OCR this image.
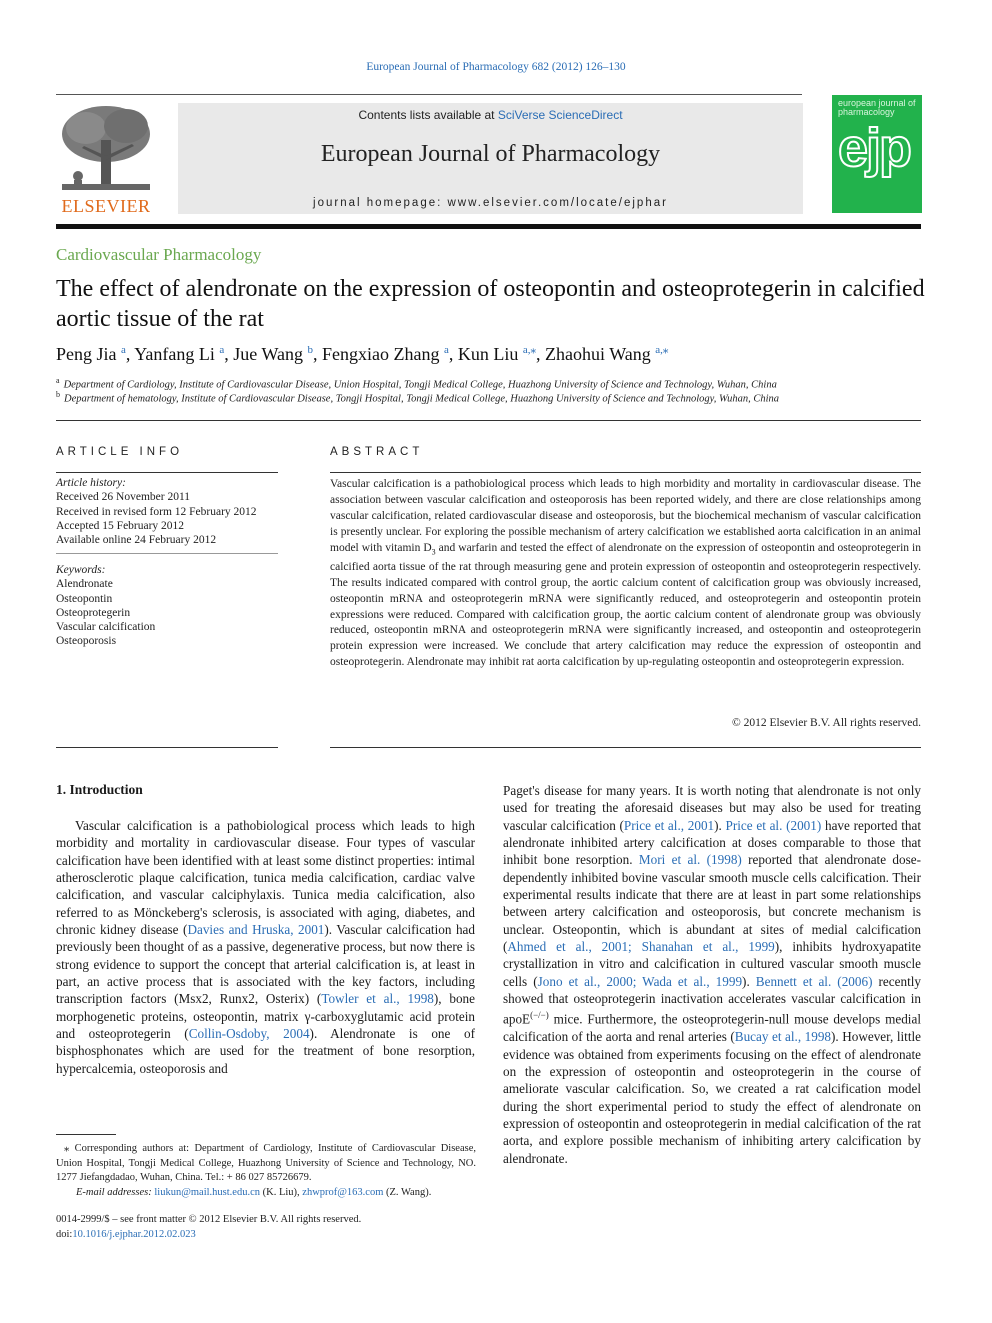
European Journal of Pharmacology 682 (2012) 126–130
ELSEVIER
Contents lists available at SciVerse ScienceDirect
European Journal of Pharmacology
journal homepage: www.elsevier.com/locate/ejphar
european journal of pharmacology
ejp
Cardiovascular Pharmacology
The effect of alendronate on the expression of osteopontin and osteoprotegerin in calcified aortic tissue of the rat
Peng Jia $^a$, Yanfang Li $^a$, Jue Wang $^b$, Fengxiao Zhang $^a$, Kun Liu $^{a,⁎}$, Zhaohui Wang $^{a,⁎}$
$^a$ Department of Cardiology, Institute of Cardiovascular Disease, Union Hospital, Tongji Medical College, Huazhong University of Science and Technology, Wuhan, China
$^b$ Department of hematology, Institute of Cardiovascular Disease, Tongji Hospital, Tongji Medical College, Huazhong University of Science and Technology, Wuhan, China
ARTICLE INFO
Article history:
Received 26 November 2011
Received in revised form 12 February 2012
Accepted 15 February 2012
Available online 24 February 2012
Keywords:
Alendronate
Osteopontin
Osteoprotegerin
Vascular calcification
Osteoporosis
ABSTRACT
Vascular calcification is a pathobiological process which leads to high morbidity and mortality in cardiovascular disease. The association between vascular calcification and osteoporosis has been reported widely, and there are close relationships among vascular calcification, related cardiovascular disease and osteoporosis, but the biochemical mechanism of vascular calcification is presently unclear. For exploring the possible mechanism of artery calcification we established aorta calcification in an animal model with vitamin $D_3$ and warfarin and tested the effect of alendronate on the expression of osteopontin and osteoprotegerin in calcified aorta tissue of the rat through measuring gene and protein expression of osteopontin and osteoprotegerin respectively. The results indicated compared with control group, the aortic calcium content of calcification group was obviously increased, osteopontin mRNA and osteoprotegerin mRNA were significantly reduced, and osteoprotegerin and osteopontin protein expressions were reduced. Compared with calcification group, the aortic calcium content of alendronate group was obviously reduced, osteopontin mRNA and osteoprotegerin mRNA were significantly increased, and osteopontin and osteoprotegerin protein expression were increased. We conclude that artery calcification may reduce the expression of osteopontin and osteoprotegerin. Alendronate may inhibit rat aorta calcification by up-regulating osteopontin and osteoprotegerin expression.
© 2012 Elsevier B.V. All rights reserved.
1. Introduction

Vascular calcification is a pathobiological process which leads to high morbidity and mortality in cardiovascular disease. Four types of vascular calcification have been identified with at least some distinct properties: intimal atherosclerotic plaque calcification, tunica media calcification, cardiac valve calcification, and vascular calciphylaxis. Tunica media calcification, also referred to as Mönckeberg's sclerosis, is associated with aging, diabetes, and chronic kidney disease (Davies and Hruska, 2001). Vascular calcification had previously been thought of as a passive, degenerative process, but now there is strong evidence to support the concept that arterial calcification is, at least in part, an active process that is associated with the key factors, including transcription factors (Msx2, Runx2, Osterix) (Towler et al., 1998), bone morphogenetic proteins, osteopontin, matrix γ-carboxyglutamic acid protein and osteoprotegerin (Collin-Osdoby, 2004). Alendronate is one of bisphosphonates which are used for the treatment of bone resorption, hypercalcemia, osteoporosis and

Paget's disease for many years. It is worth noting that alendronate is not only used for treating the aforesaid diseases but may also be used for treating vascular calcification (Price et al., 2001). Price et al. (2001) have reported that alendronate inhibited artery calcification at doses comparable to those that inhibit bone resorption. Mori et al. (1998) reported that alendronate dose-dependently inhibited bovine vascular smooth muscle cells calcification. Their experimental results indicate that there are at least in part some relationships between artery calcification and osteoporosis, but concrete mechanism is unclear. Osteopontin, which is abundant at sites of medial calcification (Ahmed et al., 2001; Shanahan et al., 1999), inhibits hydroxyapatite crystallization in vitro and calcification in cultured vascular smooth muscle cells (Jono et al., 2000; Wada et al., 1999). Bennett et al. (2006) recently showed that osteoprotegerin inactivation accelerates vascular calcification in apoE(−/−) mice. Furthermore, the osteoprotegerin-null mouse develops medial calcification of the aorta and renal arteries (Bucay et al., 1998). However, little evidence was obtained from experiments focusing on the effect of alendronate on the expression of osteopontin and osteoprotegerin in the course of ameliorate vascular calcification. So, we created a rat calcification model during the short experimental period to study the effect of alendronate on expression of osteopontin and osteoprotegerin in medial calcification of the rat aorta, and explore possible mechanism of inhibiting artery calcification by alendronate.

⁎ Corresponding authors at: Department of Cardiology, Institute of Cardiovascular Disease, Union Hospital, Tongji Medical College, Huazhong University of Science and Technology, NO. 1277 Jiefangdadao, Wuhan, China. Tel.: + 86 027 85726679.
E-mail addresses: liukun@mail.hust.edu.cn (K. Liu), zhwprof@163.com (Z. Wang).
0014-2999/$ – see front matter © 2012 Elsevier B.V. All rights reserved.
doi:10.1016/j.ejphar.2012.02.023
